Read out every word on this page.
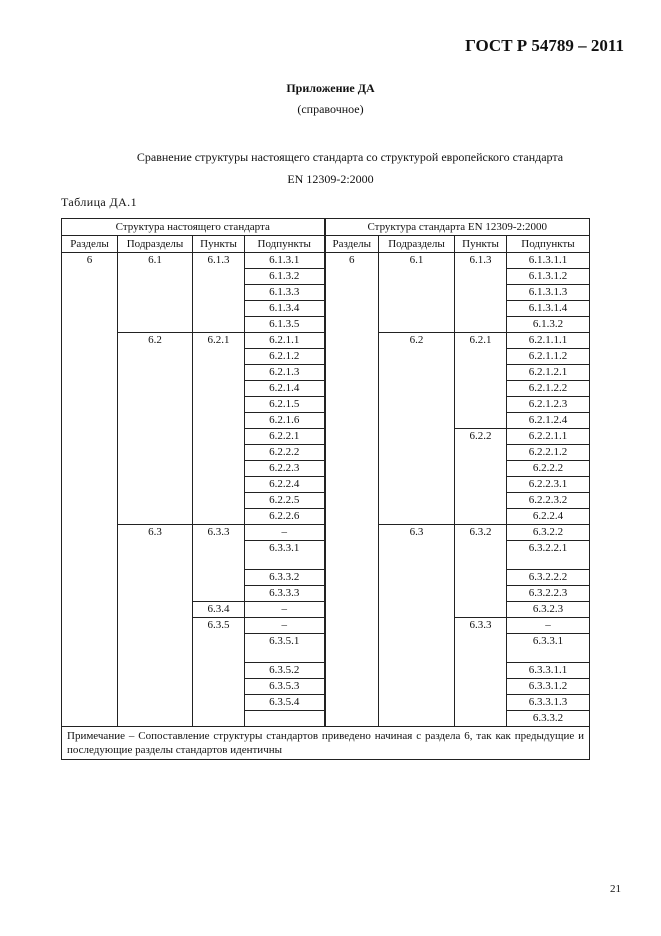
ГОСТ Р 54789 – 2011
Приложение ДА
(справочное)
Сравнение структуры настоящего стандарта со структурой европейского стандарта
EN 12309-2:2000
Таблица ДА.1
Структура настоящего стандарта				Структура стандарта EN 12309-2:2000			
Разделы	Подразделы	Пункты	Подпункты	Разделы	Подразделы	Пункты	Подпункты
6	6.1	6.1.3	6.1.3.1	6	6.1	6.1.3	6.1.3.1.1
			6.1.3.2				6.1.3.1.2
			6.1.3.3				6.1.3.1.3
			6.1.3.4				6.1.3.1.4
			6.1.3.5				6.1.3.2
	6.2	6.2.1	6.2.1.1		6.2	6.2.1	6.2.1.1.1
			6.2.1.2				6.2.1.1.2
			6.2.1.3				6.2.1.2.1
			6.2.1.4				6.2.1.2.2
			6.2.1.5				6.2.1.2.3
			6.2.1.6				6.2.1.2.4
			6.2.2.1			6.2.2	6.2.2.1.1
			6.2.2.2				6.2.2.1.2
			6.2.2.3				6.2.2.2
			6.2.2.4				6.2.2.3.1
			6.2.2.5				6.2.2.3.2
			6.2.2.6				6.2.2.4
	6.3	6.3.3	–		6.3	6.3.2	6.3.2.2
			6.3.3.1				6.3.2.2.1
			6.3.3.2				6.3.2.2.2
			6.3.3.3				6.3.2.2.3
		6.3.4	–				6.3.2.3
		6.3.5	–			6.3.3	–
			6.3.5.1				6.3.3.1
			6.3.5.2				6.3.3.1.1
			6.3.5.3				6.3.3.1.2
			6.3.5.4				6.3.3.1.3
							6.3.3.2
Примечание – Сопоставление структуры стандартов приведено начиная с раздела 6, так как предыдущие и последующие разделы стандартов идентичны							
21
